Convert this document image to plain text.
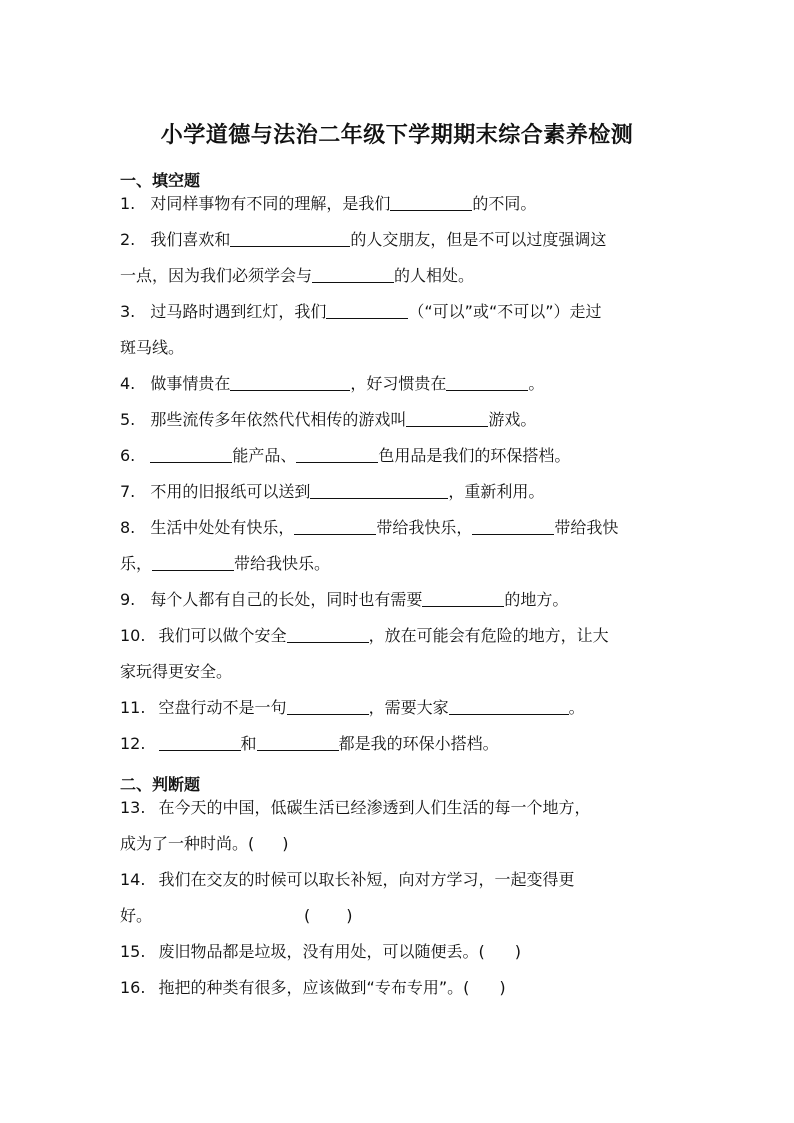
小学道德与法治二年级下学期期末综合素养检测
一、填空题
1. 对同样事物有不同的理解，是我们	的不同。
2. 我们喜欢和	的人交朋友，但是不可以过度强调这
一点，因为我们必须学会与	的人相处。
3. 过马路时遇到红灯，我们	（“可以”或“不可以”）走过
斑马线。
4. 做事情贵在	，好习惯贵在	。
5. 那些流传多年依然代代相传的游戏叫	游戏。
6.	能产品、	色用品是我们的环保搭档。
7. 不用的旧报纸可以送到	，重新利用。
8. 生活中处处有快乐，	带给我快乐，	带给我快
乐，	带给我快乐。
9. 每个人都有自己的长处，同时也有需要	的地方。
10. 我们可以做个安全	，放在可能会有危险的地方，让大
家玩得更安全。
11. 空盘行动不是一句	，需要大家	。
12.	和	都是我的环保小搭档。
二、判断题
13. 在今天的中国，低碳生活已经渗透到人们生活的每一个地方，
成为了一种时尚。( )
14. 我们在交友的时候可以取长补短，向对方学习，一起变得更
好。	( )
15. 废旧物品都是垃圾，没有用处，可以随便丢。( )
16. 拖把的种类有很多，应该做到“专布专用”。( )
